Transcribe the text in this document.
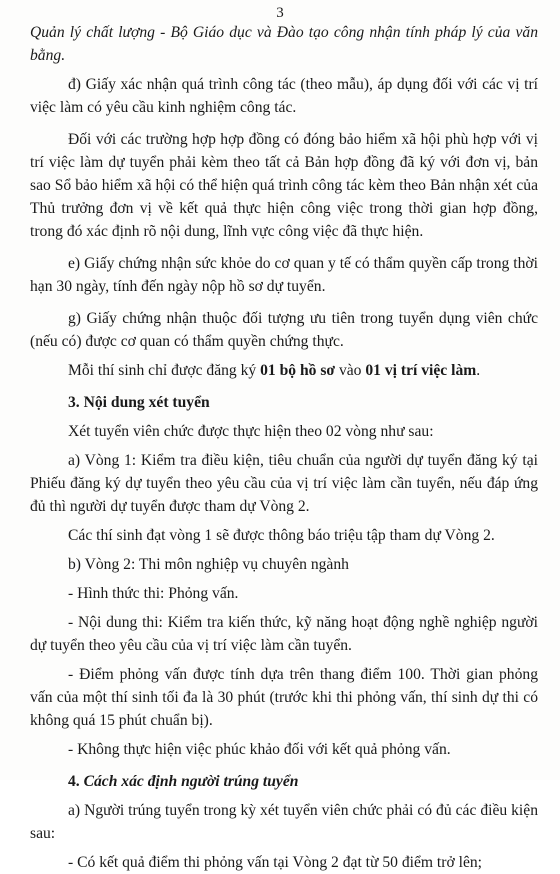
3

Quản lý chất lượng - Bộ Giáo dục và Đào tạo công nhận tính pháp lý của văn bằng.

đ) Giấy xác nhận quá trình công tác (theo mẫu), áp dụng đối với các vị trí việc làm có yêu cầu kinh nghiệm công tác.

Đối với các trường hợp hợp đồng có đóng bảo hiểm xã hội phù hợp với vị trí việc làm dự tuyển phải kèm theo tất cả Bản hợp đồng đã ký với đơn vị, bản sao Sổ bảo hiểm xã hội có thể hiện quá trình công tác kèm theo Bản nhận xét của Thủ trưởng đơn vị về kết quả thực hiện công việc trong thời gian hợp đồng, trong đó xác định rõ nội dung, lĩnh vực công việc đã thực hiện.

e) Giấy chứng nhận sức khỏe do cơ quan y tế có thẩm quyền cấp trong thời hạn 30 ngày, tính đến ngày nộp hồ sơ dự tuyển.

g) Giấy chứng nhận thuộc đối tượng ưu tiên trong tuyển dụng viên chức (nếu có) được cơ quan có thẩm quyền chứng thực.

Mỗi thí sinh chỉ được đăng ký 01 bộ hồ sơ vào 01 vị trí việc làm.

3. Nội dung xét tuyển

Xét tuyển viên chức được thực hiện theo 02 vòng như sau:

a) Vòng 1: Kiểm tra điều kiện, tiêu chuẩn của người dự tuyển đăng ký tại Phiếu đăng ký dự tuyển theo yêu cầu của vị trí việc làm cần tuyển, nếu đáp ứng đủ thì người dự tuyển được tham dự Vòng 2.

Các thí sinh đạt vòng 1 sẽ được thông báo triệu tập tham dự Vòng 2.

b) Vòng 2: Thi môn nghiệp vụ chuyên ngành

- Hình thức thi: Phỏng vấn.

- Nội dung thi: Kiểm tra kiến thức, kỹ năng hoạt động nghề nghiệp người dự tuyển theo yêu cầu của vị trí việc làm cần tuyển.

- Điểm phỏng vấn được tính dựa trên thang điểm 100. Thời gian phỏng vấn của một thí sinh tối đa là 30 phút (trước khi thi phỏng vấn, thí sinh dự thi có không quá 15 phút chuẩn bị).

- Không thực hiện việc phúc khảo đối với kết quả phỏng vấn.

4. Cách xác định người trúng tuyển

a) Người trúng tuyển trong kỳ xét tuyển viên chức phải có đủ các điều kiện sau:

- Có kết quả điểm thi phỏng vấn tại Vòng 2 đạt từ 50 điểm trở lên;
